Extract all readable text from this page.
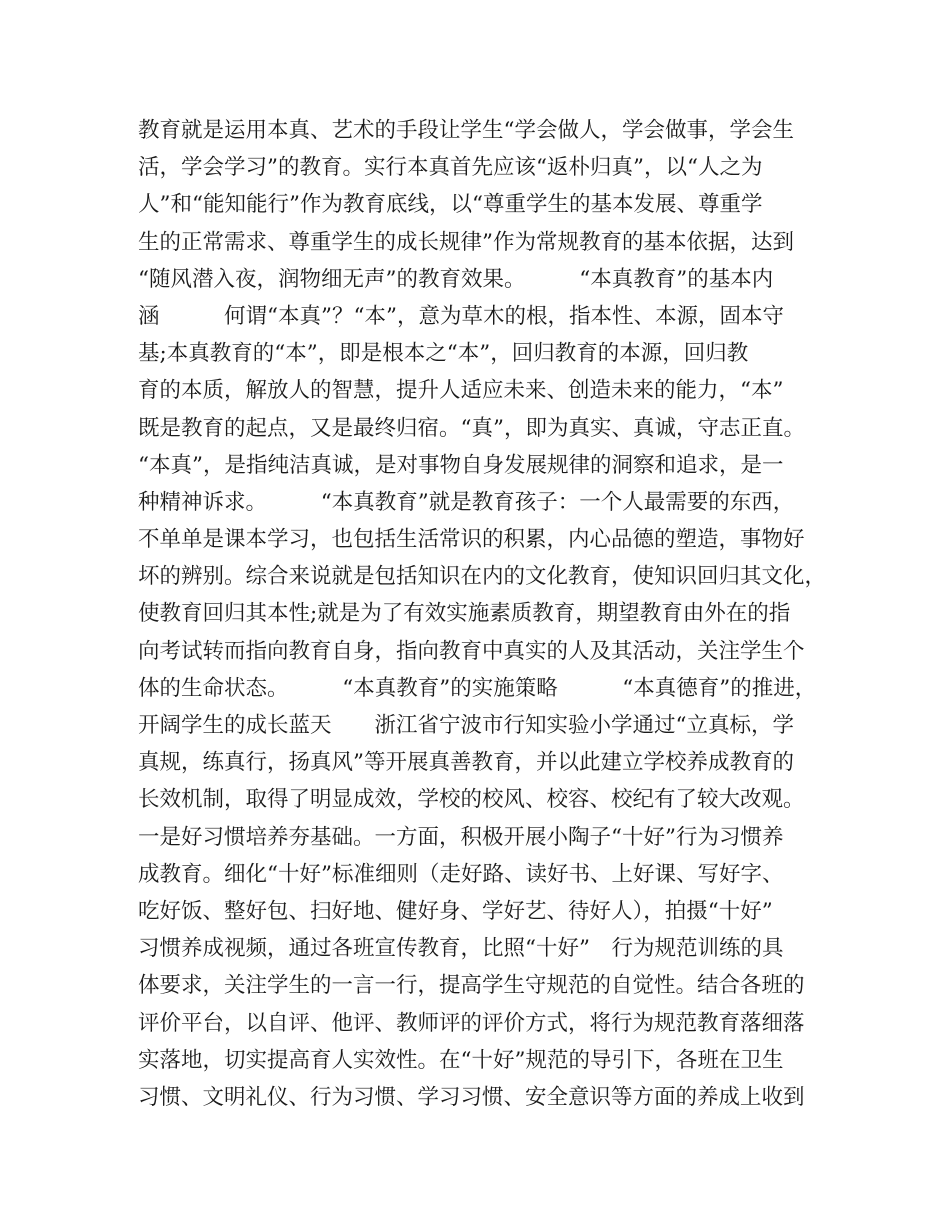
教育就是运用本真、艺术的手段让学生“学会做人，学会做事，学会生
活，学会学习”的教育。实行本真首先应该“返朴归真”，以“人之为
人”和“能知能行”作为教育底线，以“尊重学生的基本发展、尊重学
生的正常需求、尊重学生的成长规律”作为常规教育的基本依据，达到
“随风潜入夜，润物细无声”的教育效果。　　　“本真教育”的基本内
涵　　　何谓“本真”？“本”，意为草木的根，指本性、本源，固本守
基;本真教育的“本”，即是根本之“本”，回归教育的本源，回归教
育的本质，解放人的智慧，提升人适应未来、创造未来的能力，“本”
既是教育的起点，又是最终归宿。“真”，即为真实、真诚，守志正直。
“本真”，是指纯洁真诚，是对事物自身发展规律的洞察和追求，是一
种精神诉求。　　　“本真教育”就是教育孩子：一个人最需要的东西，
不单单是课本学习，也包括生活常识的积累，内心品德的塑造，事物好
坏的辨别。综合来说就是包括知识在内的文化教育，使知识回归其文化，
使教育回归其本性;就是为了有效实施素质教育，期望教育由外在的指
向考试转而指向教育自身，指向教育中真实的人及其活动，关注学生个
体的生命状态。　　　“本真教育”的实施策略　　　“本真德育”的推进，
开阔学生的成长蓝天　　浙江省宁波市行知实验小学通过“立真标，学
真规，练真行，扬真风”等开展真善教育，并以此建立学校养成教育的
长效机制，取得了明显成效，学校的校风、校容、校纪有了较大改观。
一是好习惯培养夯基础。一方面，积极开展小陶子“十好”行为习惯养
成教育。细化“十好”标准细则（走好路、读好书、上好课、写好字、
吃好饭、整好包、扫好地、健好身、学好艺、待好人），拍摄“十好”
习惯养成视频，通过各班宣传教育，比照“十好”　行为规范训练的具
体要求，关注学生的一言一行，提高学生守规范的自觉性。结合各班的
评价平台，以自评、他评、教师评的评价方式，将行为规范教育落细落
实落地，切实提高育人实效性。在“十好”规范的导引下，各班在卫生
习惯、文明礼仪、行为习惯、学习习惯、安全意识等方面的养成上收到
